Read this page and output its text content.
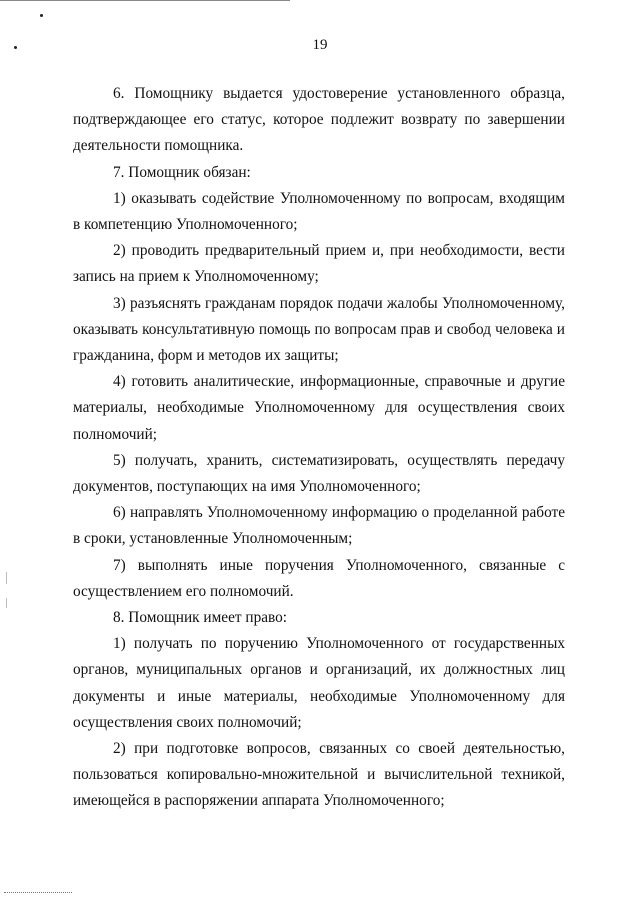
19

6. Помощнику выдается удостоверение установленного образца, подтверждающее его статус, которое подлежит возврату по завершении деятельности помощника.

7. Помощник обязан:

1) оказывать содействие Уполномоченному по вопросам, входящим в компетенцию Уполномоченного;

2) проводить предварительный прием и, при необходимости, вести запись на прием к Уполномоченному;

3) разъяснять гражданам порядок подачи жалобы Уполномоченному, оказывать консультативную помощь по вопросам прав и свобод человека и гражданина, форм и методов их защиты;

4) готовить аналитические, информационные, справочные и другие материалы, необходимые Уполномоченному для осуществления своих полномочий;

5) получать, хранить, систематизировать, осуществлять передачу документов, поступающих на имя Уполномоченного;

6) направлять Уполномоченному информацию о проделанной работе в сроки, установленные Уполномоченным;

7) выполнять иные поручения Уполномоченного, связанные с осуществлением его полномочий.

8. Помощник имеет право:

1) получать по поручению Уполномоченного от государственных органов, муниципальных органов и организаций, их должностных лиц документы и иные материалы, необходимые Уполномоченному для осуществления своих полномочий;

2) при подготовке вопросов, связанных со своей деятельностью, пользоваться копировально-множительной и вычислительной техникой, имеющейся в распоряжении аппарата Уполномоченного;
